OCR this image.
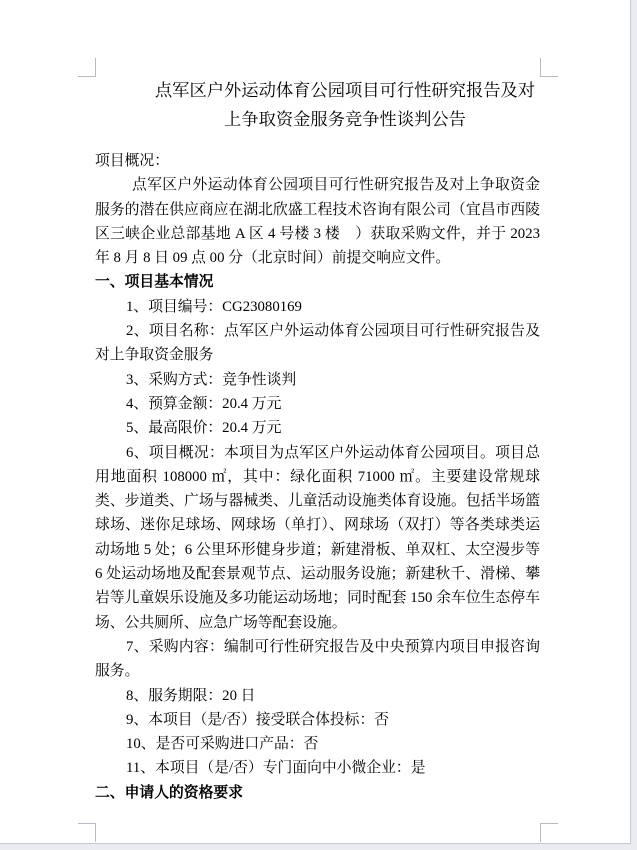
点军区户外运动体育公园项目可行性研究报告及对
上争取资金服务竞争性谈判公告

项目概况：

点军区户外运动体育公园项目可行性研究报告及对上争取资金服务的潜在供应商应在湖北欣盛工程技术咨询有限公司（宜昌市西陵区三峡企业总部基地 A 区 4 号楼 3 楼　）获取采购文件，并于 2023 年 8 月 8 日 09 点 00 分（北京时间）前提交响应文件。

一、项目基本情况

1、项目编号：CG23080169

2、项目名称：点军区户外运动体育公园项目可行性研究报告及对上争取资金服务

3、采购方式：竞争性谈判

4、预算金额：20.4 万元

5、最高限价：20.4 万元

6、项目概况：本项目为点军区户外运动体育公园项目。项目总用地面积 108000 ㎡，其中：绿化面积 71000 ㎡。主要建设常规球类、步道类、广场与器械类、儿童活动设施类体育设施。包括半场篮球场、迷你足球场、网球场（单打）、网球场（双打）等各类球类运动场地 5 处；6 公里环形健身步道；新建滑板、单双杠、太空漫步等 6 处运动场地及配套景观节点、运动服务设施；新建秋千、滑梯、攀岩等儿童娱乐设施及多功能运动场地；同时配套 150 余车位生态停车场、公共厕所、应急广场等配套设施。

7、采购内容：编制可行性研究报告及中央预算内项目申报咨询服务。

8、服务期限：20 日

9、本项目（是/否）接受联合体投标：否

10、是否可采购进口产品：否

11、本项目（是/否）专门面向中小微企业：是

二、申请人的资格要求
